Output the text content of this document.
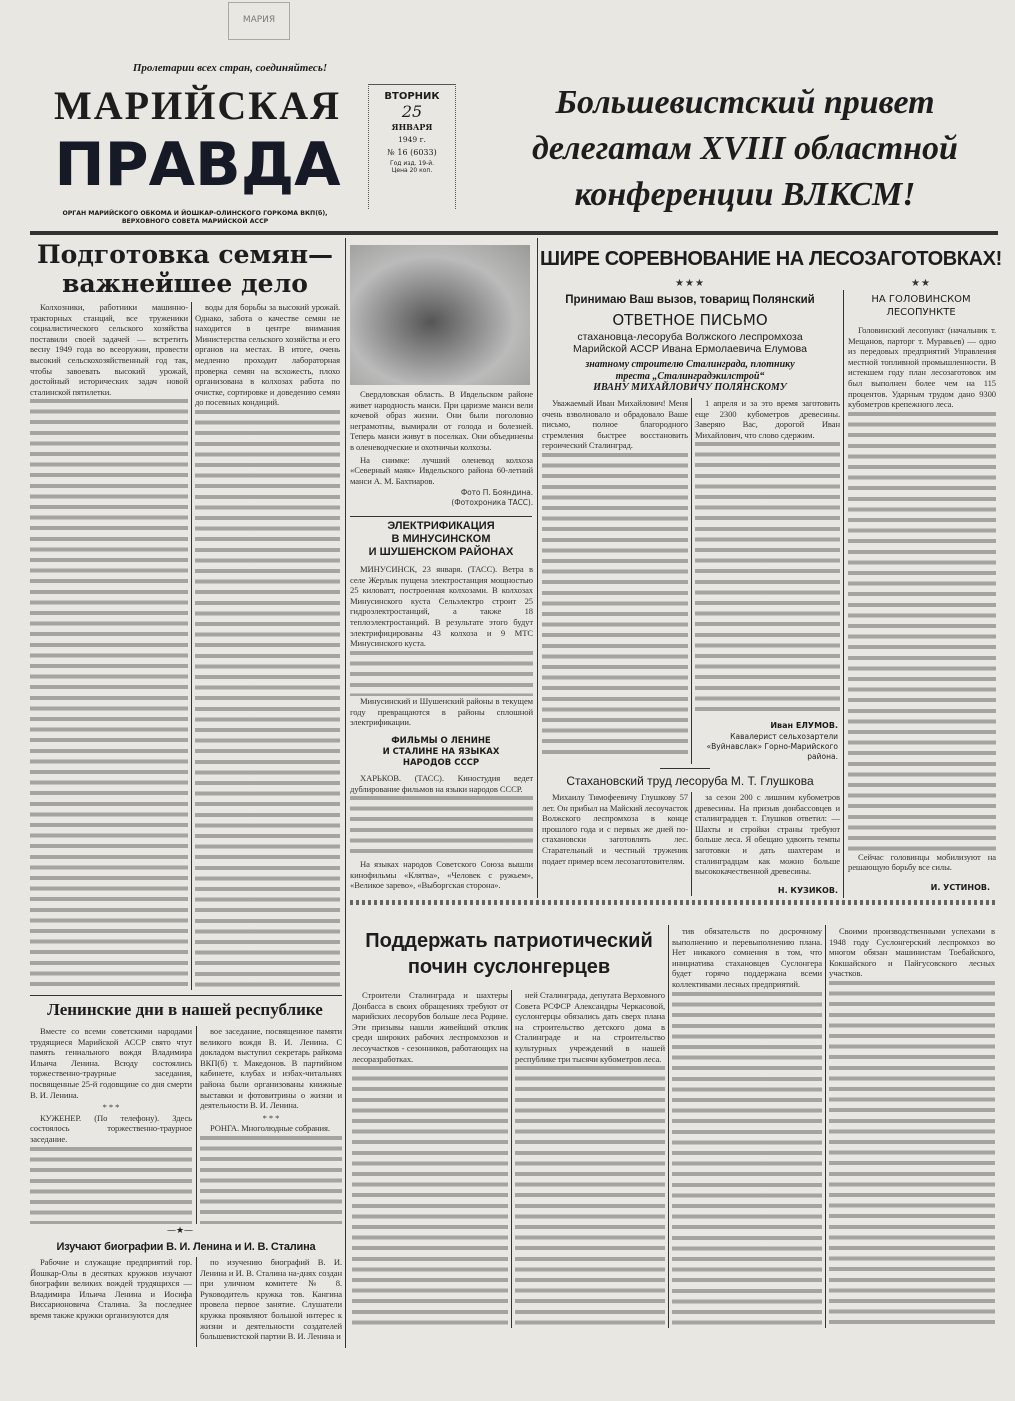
МАРИЯ
Пролетарии всех стран, соединяйтесь!
МАРИЙСКАЯ
ПРАВДА
ОРГАН МАРИЙСКОГО ОБКОМА И ЙОШКАР-ОЛИНСКОГО ГОРКОМА ВКП(б),
ВЕРХОВНОГО СОВЕТА МАРИЙСКОЙ АССР
ВТОРНИК
25
ЯНВАРЯ
1949 г.
№ 16 (6033)
Год изд. 19-й.
Цена 20 коп.
Большевистский привет
делегатам XVIII областной
конференции ВЛКСМ!
Подготовка семян—
важнейшее дело

Колхозники, работники машинно-тракторных станций, все труженики социалистического сельского хозяйства поставили своей задачей — встретить весну 1949 года во всеоружии, провести высокий сельскохозяйственный год так, чтобы завоевать высокий урожай, достойный исторических задач новой сталинской пятилетки.

воды для борьбы за высокий урожай. Однако, забота о качестве семян не находится в центре внимания Министерства сельского хозяйства и его органов на местах. В итоге, очень медленно проходит лабораторная проверка семян на всхожесть, плохо организована в колхозах работа по очистке, сортировке и доведению семян до посевных кондиций.

Ленинские дни в нашей республике

Вместе со всеми советскими народами трудящиеся Марийской АССР свято чтут память гениального вождя Владимира Ильича Ленина. Всюду состоялись торжественно-траурные заседания, посвященные 25-й годовщине со дня смерти В. И. Ленина.

* * *

КУЖЕНЕР. (По телефону). Здесь состоялось торжественно-траурное заседание.

вое заседание, посвященное памяти великого вождя В. И. Ленина. С докладом выступил секретарь райкома ВКП(б) т. Македонов. В партийном кабинете, клубах и избах-читальнях района были организованы книжные выставки и фотовитрины о жизни и деятельности В. И. Ленина.

* * *

РОНГА. Многолюдные собрания.

—★—
Изучают биографии В. И. Ленина и И. В. Сталина

Рабочие и служащие предприятий гор. Йошкар-Олы в десятках кружков изучают биографии великих вождей трудящихся — Владимира Ильича Ленина и Иосифа Виссарионовича Сталина. За последнее время также кружки организуются для

по изучению биографий В. И. Ленина и И. В. Сталина на-днях создан при уличном комитете № 8. Руководитель кружка тов. Кангина провела первое занятие. Слушатели кружка проявляют большой интерес к жизни и деятельности создателей большевистской партии В. И. Ленина и

Свердловская область. В Ивдельском районе живет народность манси. При царизме манси вели кочевой образ жизни. Они были поголовно неграмотны, вымирали от голода и болезней. Теперь манси живут в поселках. Они объединены в оленеводческие и охотничьи колхозы.

На снимке: лучший оленевод колхоза «Северный маяк» Ивдельского района 60-летний манси А. М. Бахтиаров.

Фото П. Бояндина.
(Фотохроника ТАСС).
ЭЛЕКТРИФИКАЦИЯ
В МИНУСИНСКОМ
И ШУШЕНСКОМ РАЙОНАХ

МИНУСИНСК, 23 января. (ТАСС). Ветра в селе Жерлык пущена электростанция мощностью 25 киловатт, построенная колхозами. В колхозах Минусинского куста Сельэлектро строит 25 гидроэлектростанций, а также 18 теплоэлектростанций. В результате этого будут электрифицированы 43 колхоза и 9 МТС Минусинского куста.

Минусинский и Шушенский районы в текущем году превращаются в районы сплошной электрификации.

ФИЛЬМЫ О ЛЕНИНЕ
И СТАЛИНЕ НА ЯЗЫКАХ
НАРОДОВ СССР

ХАРЬКОВ. (ТАСС). Киностудия ведет дублирование фильмов на языки народов СССР.

На языках народов Советского Союза вышли кинофильмы «Клятва», «Человек с ружьем», «Великое зарево», «Выборгская сторона».

ШИРЕ СОРЕВНОВАНИЕ НА ЛЕСОЗАГОТОВКАХ!
★★★
Принимаю Ваш вызов, товарищ Полянский
ОТВЕТНОЕ ПИСЬМО
стахановца-лесоруба Волжского леспромхоза
Марийской АССР Ивана Ермолаевича Елумова
знатному строителю Сталинграда, плотнику
треста „Сталинградэкилстрой“
ИВАНУ МИХАЙЛОВИЧУ ПОЛЯНСКОМУ

Уважаемый Иван Михайлович! Меня очень взволновало и обрадовало Ваше письмо, полное благородного стремления быстрее восстановить героический Сталинград.

1 апреля и за это время заготовить еще 2300 кубометров древесины. Заверяю Вас, дорогой Иван Михайлович, что слово сдержим.

Иван ЕЛУМОВ.
Кавалерист сельхозартели
«Вуйнавслак» Горно-Марийского
района.
Стахановский труд лесоруба М. Т. Глушкова

Михаилу Тимофеевичу Глушкову 57 лет. Он прибыл на Майский лесоучасток Волжского леспромхоза в конце прошлого года и с первых же дней по-стахановски заготовлять лес. Старательный и честный труженик подает пример всем лесозаготовителям.

за сезон 200 с лишним кубометров древесины. На призыв донбассовцев и сталинградцев т. Глушков ответил: — Шахты и стройки страны требуют больше леса. Я обещаю удвоить темпы заготовки и дать шахтерам и сталинградцам как можно больше высококачественной древесины.

Н. КУЗИКОВ.
★★
НА ГОЛОВИНСКОМ
ЛЕСОПУНКТЕ

Головинский лесопункт (начальник т. Мещанов, парторг т. Муравьев) — одно из передовых предприятий Управления местной топливной промышленности. В истекшем году план лесозаготовок им был выполнен более чем на 115 процентов. Ударным трудом дано 9300 кубометров крепежного леса.

Сейчас головинцы мобилизуют на решающую борьбу все силы.

И. УСТИНОВ.
Поддержать патриотический
почин суслонгерцев

Строители Сталинграда и шахтеры Донбасса в своих обращениях требуют от марийских лесорубов больше леса Родине. Эти призывы нашли живейший отклик среди широких рабочих леспромхозов и лесоучастков - сезонников, работающих на лесоразработках.

ней Сталинграда, депутата Верховного Совета РСФСР Александры Черкасовой, суслонгерцы обязались дать сверх плана на строительство детского дома в Сталинграде и на строительство культурных учреждений в нашей республике три тысячи кубометров леса.

тив обязательств по досрочному выполнению и перевыполнению плана. Нет никакого сомнения в том, что инициатива стахановцев Суслонгера будет горячо поддержана всеми коллективами лесных предприятий.

Своими производственными успехами в 1948 году Суслонгерский леспромхоз во многом обязан машинистам Тоебайского, Кокшайского и Пайгусовского лесных участков.
